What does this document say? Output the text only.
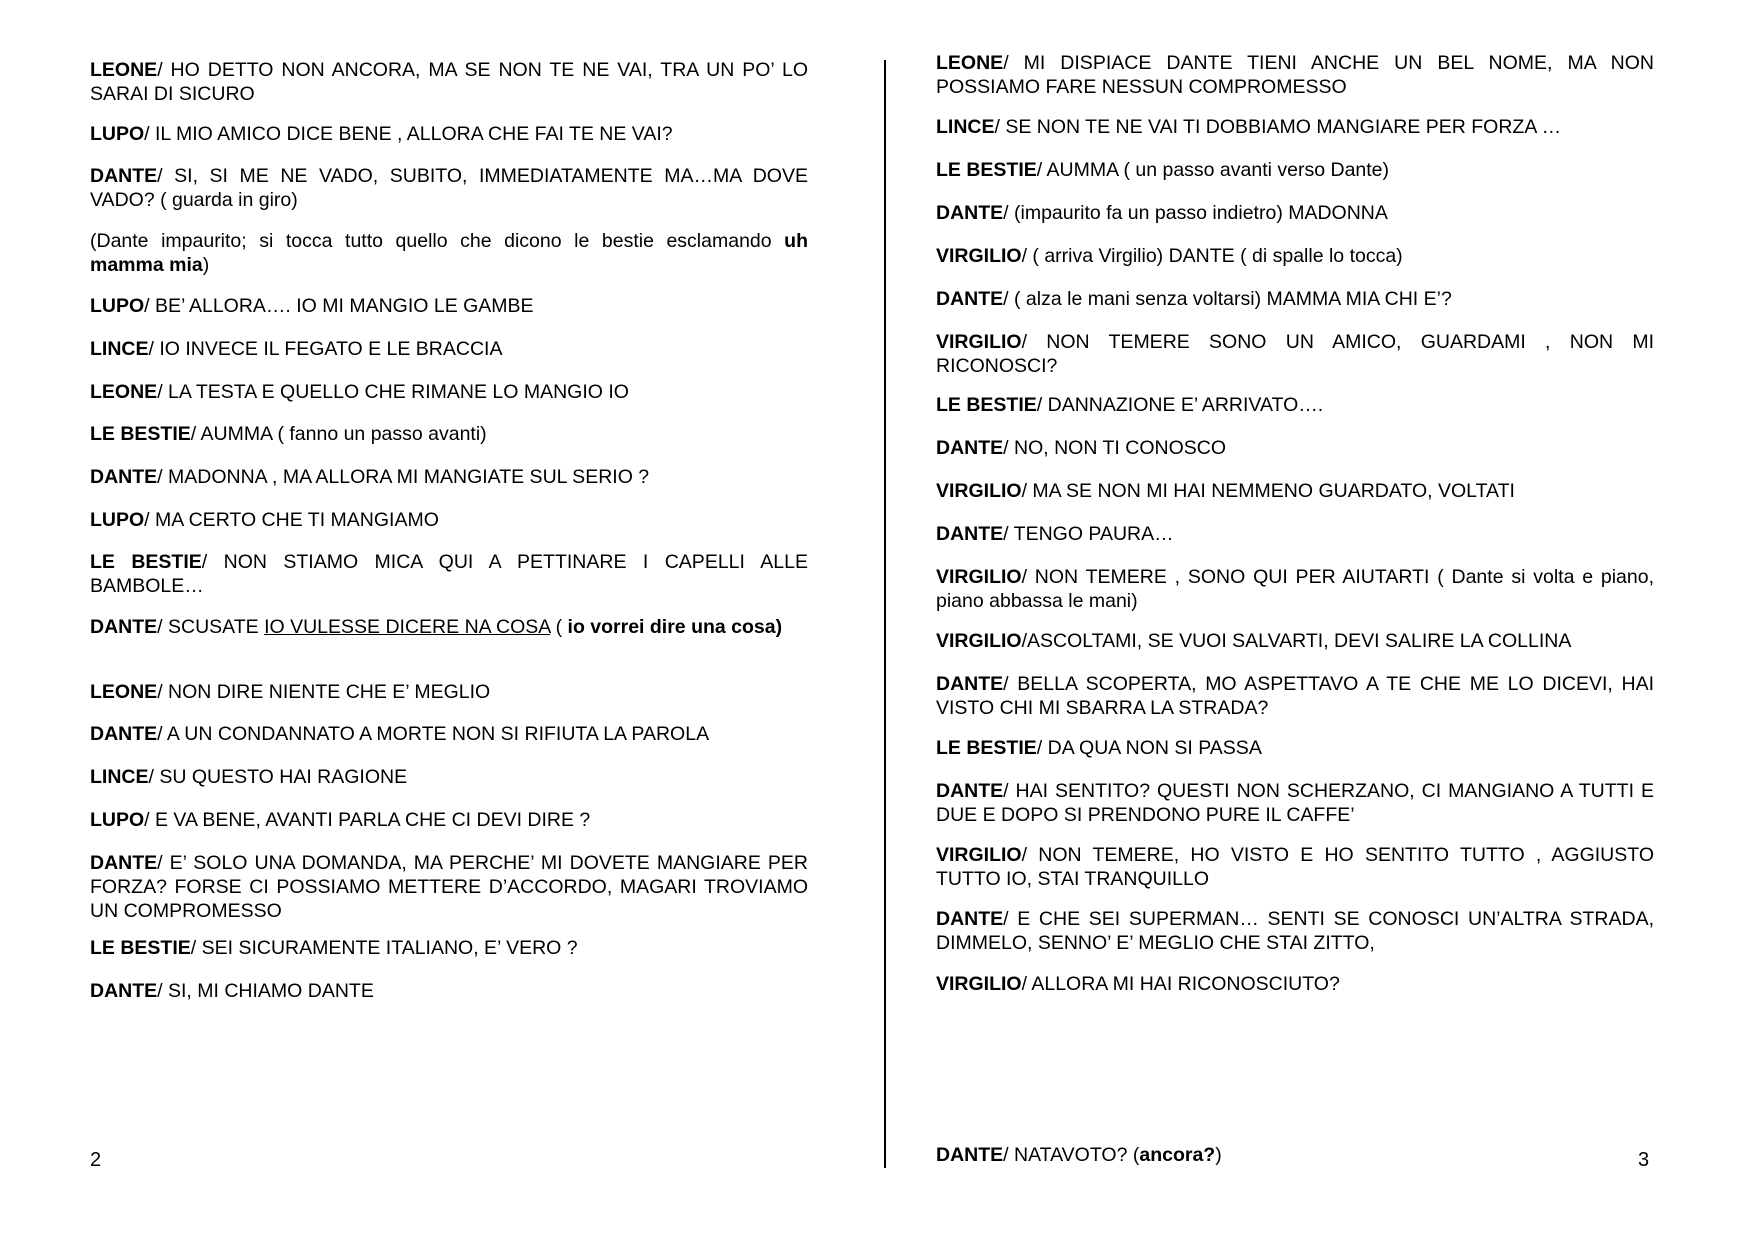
LEONE/ HO DETTO NON ANCORA, MA SE NON TE NE VAI, TRA UN PO’ LO SARAI DI SICURO

LUPO/ IL MIO AMICO DICE BENE , ALLORA CHE FAI TE NE VAI?

DANTE/ SI, SI ME NE VADO, SUBITO, IMMEDIATAMENTE MA…MA DOVE VADO? ( guarda in giro)

(Dante impaurito; si tocca tutto quello che dicono le bestie esclamando uh mamma mia)

LUPO/ BE’ ALLORA…. IO MI MANGIO LE GAMBE

LINCE/ IO INVECE IL FEGATO E LE BRACCIA

LEONE/ LA TESTA E QUELLO CHE RIMANE LO MANGIO IO

LE BESTIE/ AUMMA ( fanno un passo avanti)

DANTE/ MADONNA , MA ALLORA MI MANGIATE SUL SERIO ?

LUPO/ MA CERTO CHE TI MANGIAMO

LE BESTIE/ NON STIAMO MICA QUI A PETTINARE I CAPELLI ALLE BAMBOLE…

DANTE/ SCUSATE IO VULESSE DICERE NA COSA ( io vorrei dire una cosa)

LEONE/ NON DIRE NIENTE CHE E’ MEGLIO

DANTE/ A UN CONDANNATO A MORTE NON SI RIFIUTA LA PAROLA

LINCE/ SU QUESTO HAI RAGIONE

LUPO/ E VA BENE, AVANTI PARLA CHE CI DEVI DIRE ?

DANTE/ E’ SOLO UNA DOMANDA, MA PERCHE’ MI DOVETE MANGIARE PER FORZA? FORSE CI POSSIAMO METTERE D’ACCORDO, MAGARI TROVIAMO UN COMPROMESSO

LE BESTIE/ SEI SICURAMENTE ITALIANO, E’ VERO ?

DANTE/ SI, MI CHIAMO DANTE

2

LEONE/ MI DISPIACE DANTE TIENI ANCHE UN BEL NOME, MA NON POSSIAMO FARE NESSUN COMPROMESSO

LINCE/ SE NON TE NE VAI TI DOBBIAMO MANGIARE PER FORZA …

LE BESTIE/ AUMMA ( un passo avanti verso Dante)

DANTE/ (impaurito fa un passo indietro) MADONNA

VIRGILIO/ ( arriva Virgilio) DANTE ( di spalle lo tocca)

DANTE/ ( alza le mani senza voltarsi) MAMMA MIA CHI E’?

VIRGILIO/ NON TEMERE SONO UN AMICO, GUARDAMI , NON MI RICONOSCI?

LE BESTIE/ DANNAZIONE E’ ARRIVATO….

DANTE/ NO, NON TI CONOSCO

VIRGILIO/ MA SE NON MI HAI NEMMENO GUARDATO, VOLTATI

DANTE/ TENGO PAURA…

VIRGILIO/ NON TEMERE , SONO QUI PER AIUTARTI ( Dante si volta e piano, piano abbassa le mani)

VIRGILIO/ASCOLTAMI, SE VUOI SALVARTI, DEVI SALIRE LA COLLINA

DANTE/ BELLA SCOPERTA, MO ASPETTAVO A TE CHE ME LO DICEVI, HAI VISTO CHI MI SBARRA LA STRADA?

LE BESTIE/ DA QUA NON SI PASSA

DANTE/ HAI SENTITO? QUESTI NON SCHERZANO, CI MANGIANO A TUTTI E DUE E DOPO SI PRENDONO PURE IL CAFFE’

VIRGILIO/ NON TEMERE, HO VISTO E HO SENTITO TUTTO , AGGIUSTO TUTTO IO, STAI TRANQUILLO

DANTE/ E CHE SEI SUPERMAN… SENTI SE CONOSCI UN’ALTRA STRADA, DIMMELO, SENNO’ E’ MEGLIO CHE STAI ZITTO,

VIRGILIO/ ALLORA MI HAI RICONOSCIUTO?

DANTE/ NATAVOTO? (ancora?)	3
